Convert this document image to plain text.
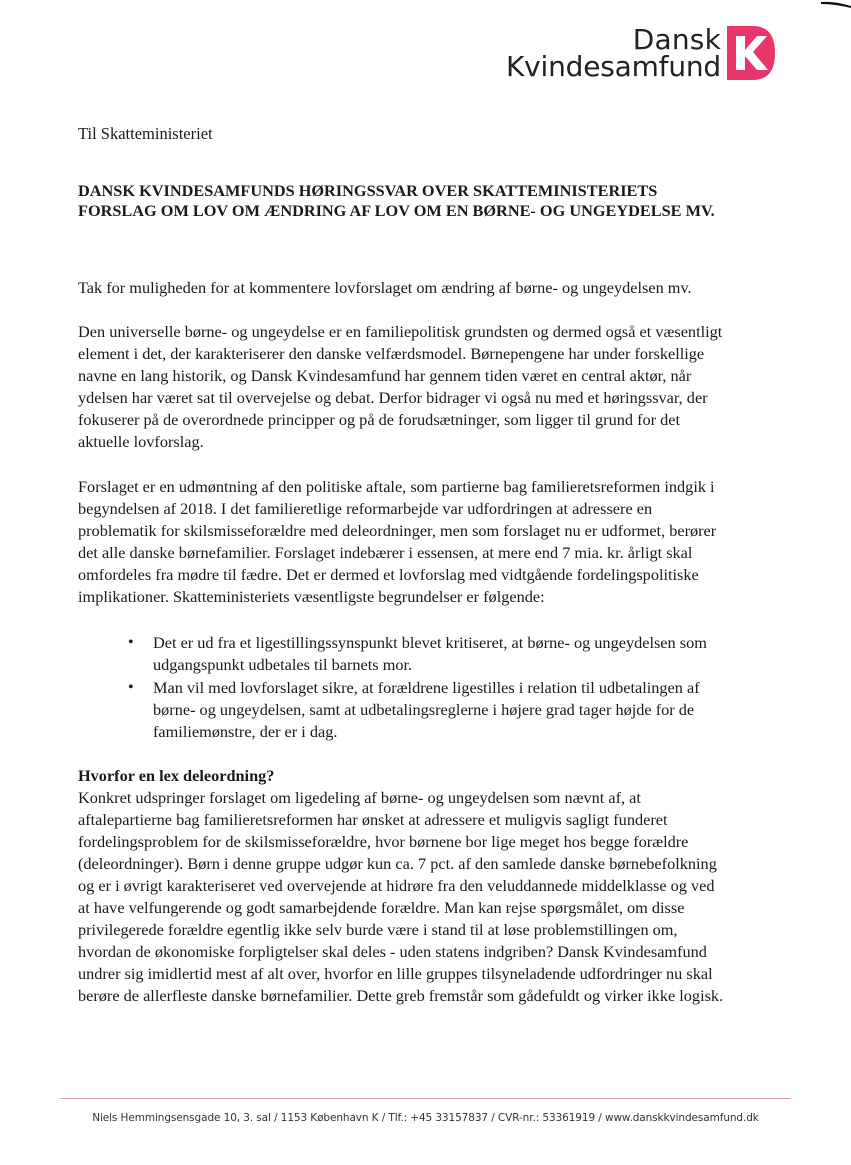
Dansk
Kvindesamfund
Til Skatteministeriet
DANSK KVINDESAMFUNDS HØRINGSSVAR OVER SKATTEMINISTERIETS FORSLAG OM LOV OM ÆNDRING AF LOV OM EN BØRNE- OG UNGEYDELSE MV.

Tak for muligheden for at kommentere lovforslaget om ændring af børne- og ungeydelsen mv.

Den universelle børne- og ungeydelse er en familiepolitisk grundsten og dermed også et væsentligt element i det, der karakteriserer den danske velfærdsmodel. Børnepengene har under forskellige navne en lang historik, og Dansk Kvindesamfund har gennem tiden været en central aktør, når ydelsen har været sat til overvejelse og debat. Derfor bidrager vi også nu med et høringssvar, der fokuserer på de overordnede principper og på de forudsætninger, som ligger til grund for det aktuelle lovforslag.

Forslaget er en udmøntning af den politiske aftale, som partierne bag familieretsreformen indgik i begyndelsen af 2018. I det familieretlige reformarbejde var udfordringen at adressere en problematik for skilsmisseforældre med deleordninger, men som forslaget nu er udformet, berører det alle danske børnefamilier. Forslaget indebærer i essensen, at mere end 7 mia. kr. årligt skal omfordeles fra mødre til fædre. Det er dermed et lovforslag med vidtgående fordelingspolitiske implikationer. Skatteministeriets væsentligste begrundelser er følgende:

• Det er ud fra et ligestillingssynspunkt blevet kritiseret, at børne- og ungeydelsen som udgangspunkt udbetales til barnets mor.
• Man vil med lovforslaget sikre, at forældrene ligestilles i relation til udbetalingen af børne- og ungeydelsen, samt at udbetalingsreglerne i højere grad tager højde for de familiemønstre, der er i dag.
Hvorfor en lex deleordning?

Konkret udspringer forslaget om ligedeling af børne- og ungeydelsen som nævnt af, at aftalepartierne bag familieretsreformen har ønsket at adressere et muligvis sagligt funderet fordelingsproblem for de skilsmisseforældre, hvor børnene bor lige meget hos begge forældre (deleordninger). Børn i denne gruppe udgør kun ca. 7 pct. af den samlede danske børnebefolkning og er i øvrigt karakteriseret ved overvejende at hidrøre fra den veluddannede middelklasse og ved at have velfungerende og godt samarbejdende forældre. Man kan rejse spørgsmålet, om disse privilegerede forældre egentlig ikke selv burde være i stand til at løse problemstillingen om, hvordan de økonomiske forpligtelser skal deles - uden statens indgriben? Dansk Kvindesamfund undrer sig imidlertid mest af alt over, hvorfor en lille gruppes tilsyneladende udfordringer nu skal berøre de allerfleste danske børnefamilier. Dette greb fremstår som gådefuldt og virker ikke logisk.

Niels Hemmingsensgade 10, 3. sal / 1153 København K / Tlf.: +45 33157837 / CVR-nr.: 53361919 / www.danskkvindesamfund.dk
